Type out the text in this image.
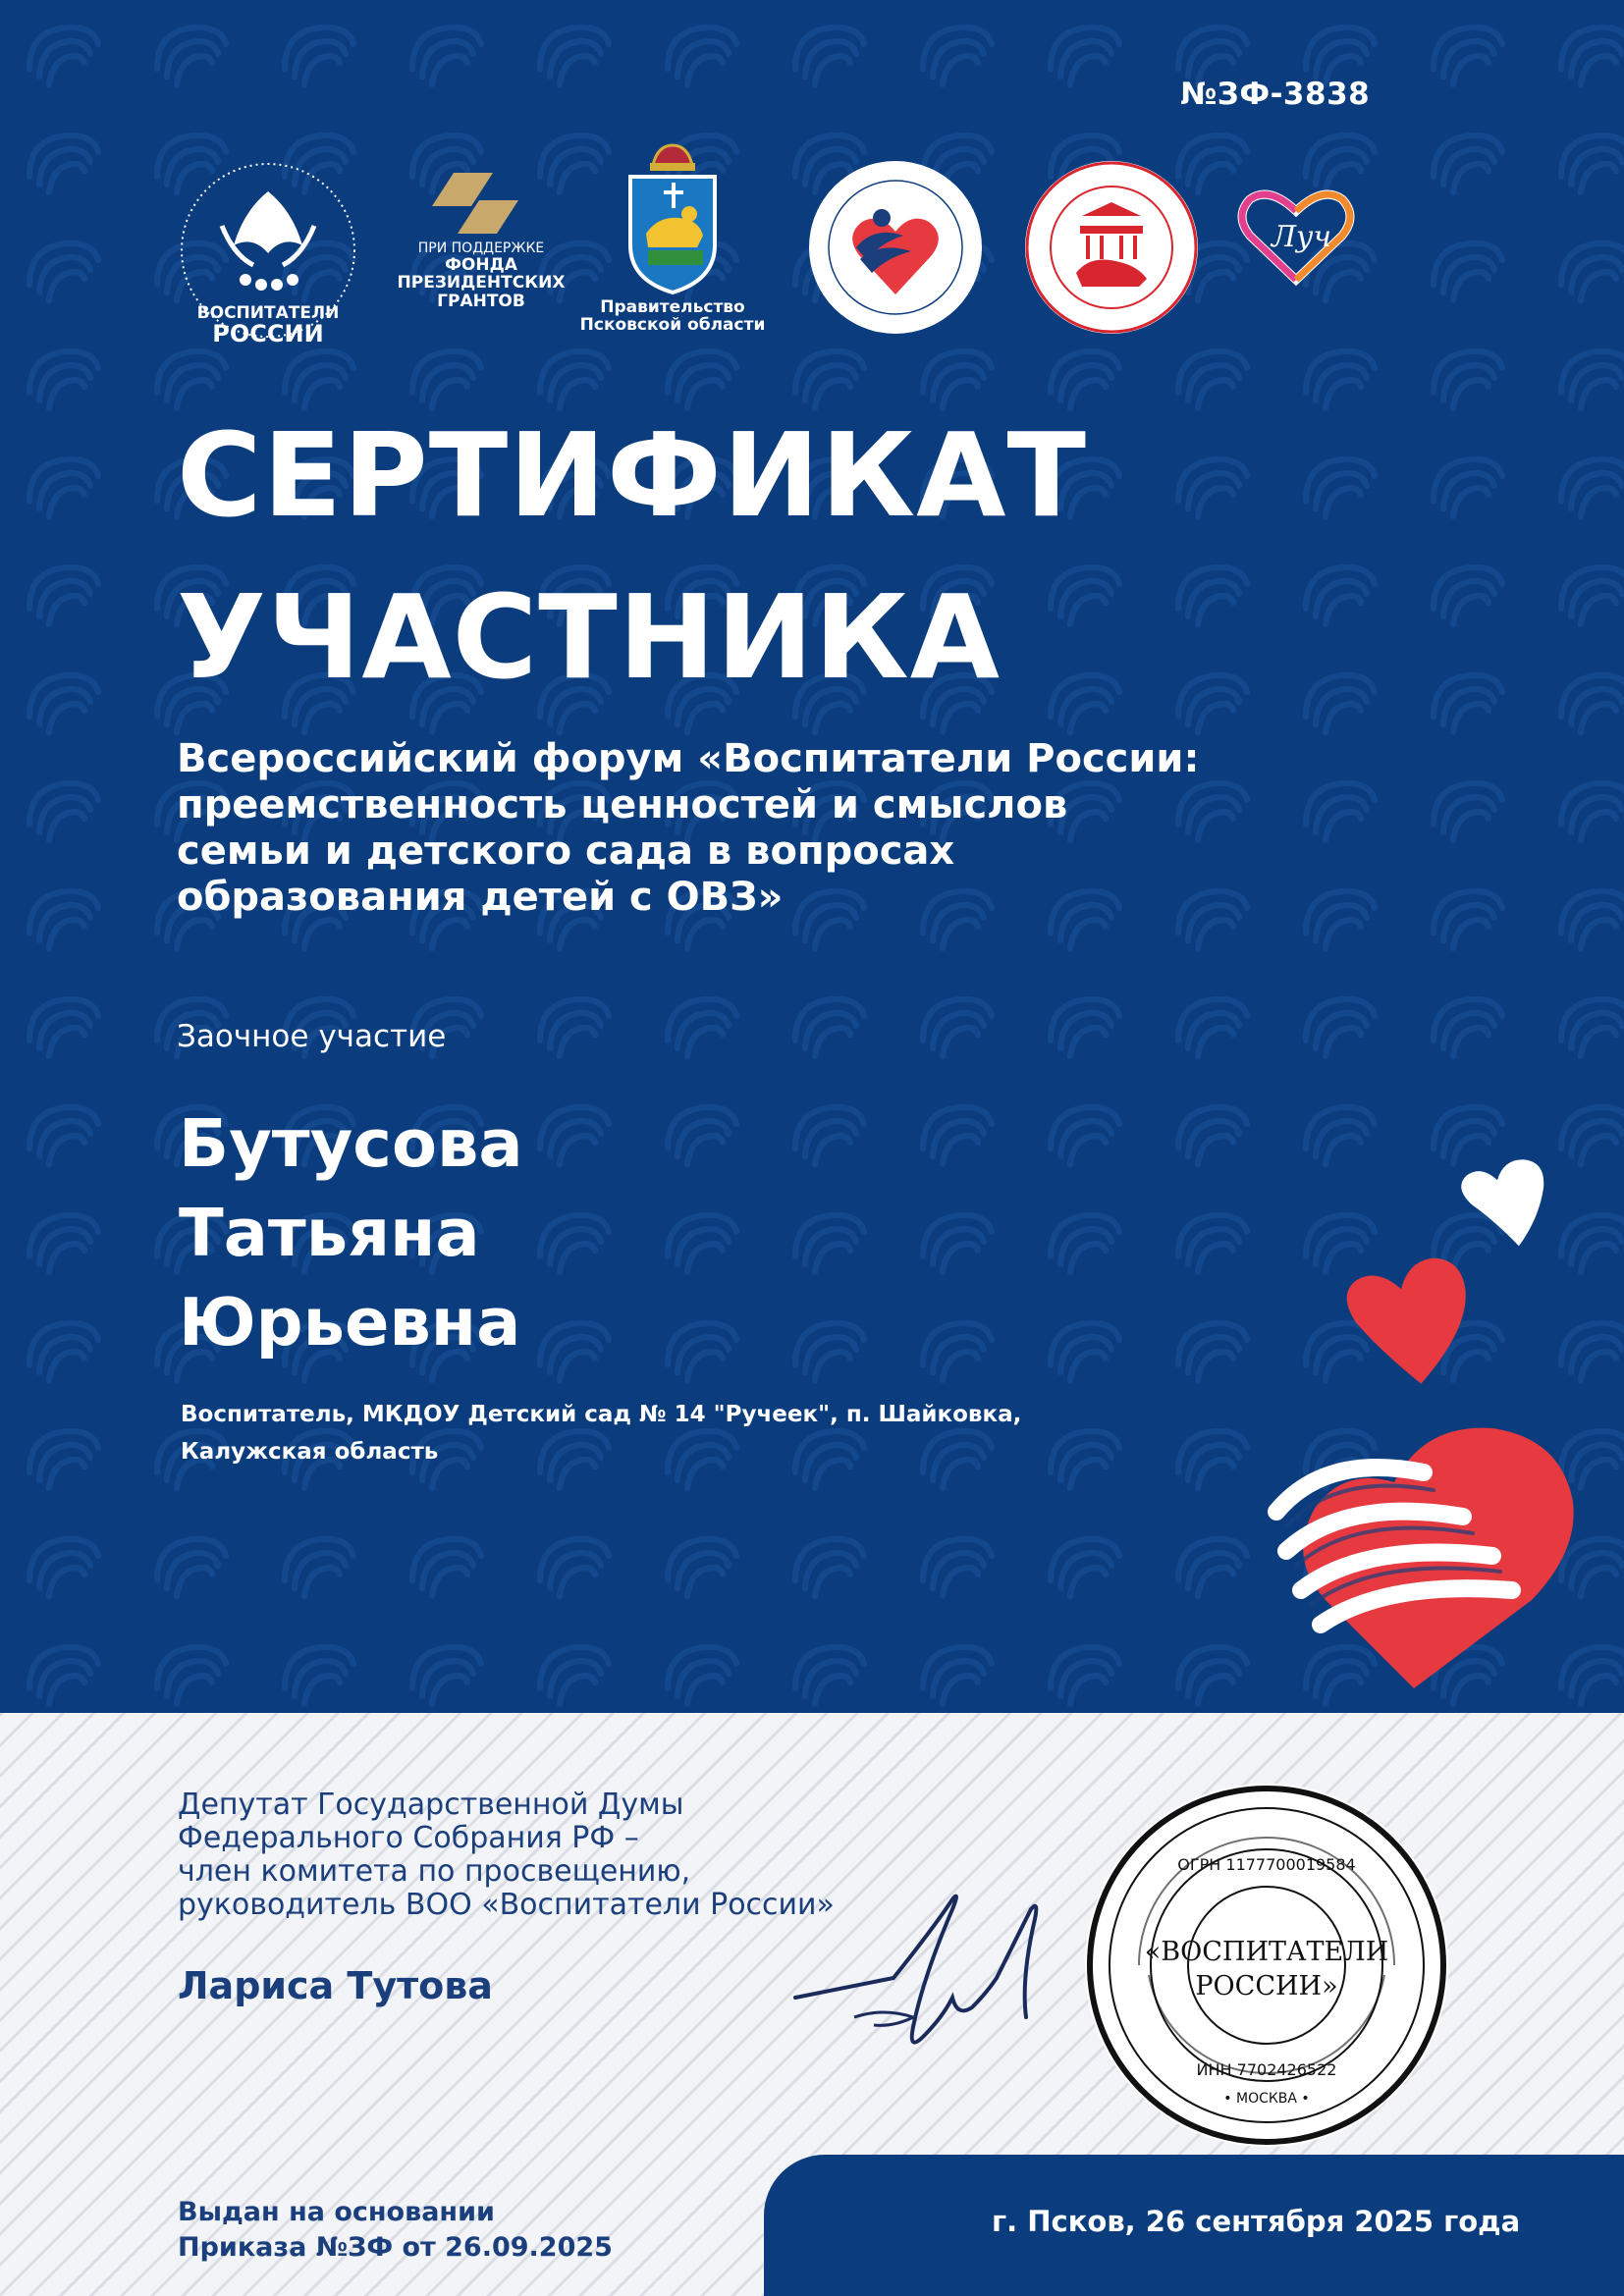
№ЗФ-3838
ВОСПИТАТЕЛИ
РОССИИ
ПРИ ПОДДЕРЖКЕ
ФОНДА
ПРЕЗИДЕНТСКИХ
ГРАНТОВ	Правительство
Псковской области
Луч
СЕРТИФИКАТ
УЧАСТНИКА
Всероссийский форум «Воспитатели России:
преемственность ценностей и смыслов
семьи и детского сада в вопросах
образования детей с ОВЗ»
Заочное участие
Бутусова
Татьяна
Юрьевна
Воспитатель, МКДОУ Детский сад № 14 "Ручеек", п. Шайковка,
Калужская область
Депутат Государственной Думы
Федерального Собрания РФ –
член комитета по просвещению,
руководитель ВОО «Воспитатели России»
Лариса Тутова
«ВОСПИТАТЕЛИ
РОССИИ»
ОГРН 1177700019584
ИНН 7702426522
• МОСКВА •
Выдан на основании
Приказа №ЗФ от 26.09.2025
г. Псков, 26 сентября 2025 года
